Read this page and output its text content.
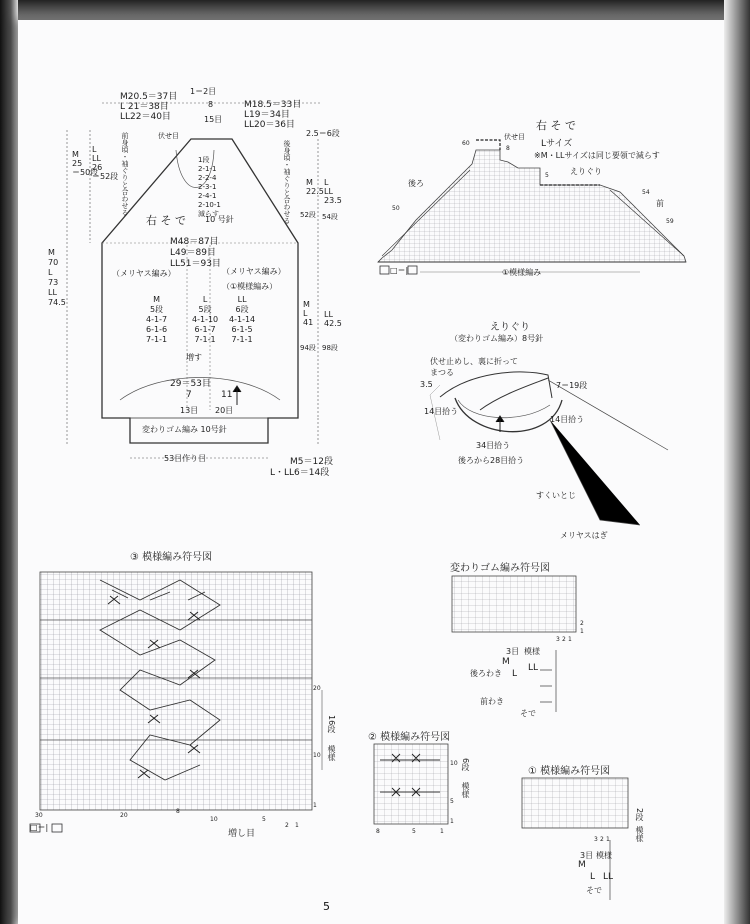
M20.5＝37目
L 21＝38目
LL22＝40目
1＝2目
8
15目
M18.5＝33目
L19＝34目
LL20＝36目
伏せ目
1段
2-1-1
2-2-4
2-3-1
2-4-1
2-10-1
減らす
2.5＝6段
右 そ で 10 号針
M48＝87目
L49＝89目
LL51＝93目
（メリヤス編み）	（メリヤス編み）
（①模様編み）
M
5段
4-1-7
6-1-6
7-1-1
L
5段
4-1-10
6-1-7
7-1-1
LL
6段
4-1-14
6-1-5
7-1-1
増す
29＝53目
7	11
13目 20目
変わりゴム編み 10号針
53目作り目	M5＝12段
L・LL6＝14段
M
22.5
L
LL
23.5
52段 54段
M
L
41
LL
42.5
94段 98段
M
25
＝50段
L
LL
26
＝52段
M
70
L
73
LL
74.5
前身頃・袖ぐりと合わせる	後身頃・袖ぐりと合わせる
右 そ で
Lサイズ
※M・LLサイズは同じ要領で減らす
伏せ目
えりぐり
後ろ
前
60
50
54
59
8
5
①模様編み
□＝|
えりぐり
（変わりゴム編み）8号針
伏せ止めし、裏に折ってまつる
3.5	7＝19段
14目拾う
14目拾う
34目拾う
後ろから28目拾う
すくいとじ
メリヤスはぎ
変わりゴム編み符号図
3 2 1
2
1
3目 模様
後ろわき
M
L
LL
前わき
そで
③ 模様編み符号図
30	20
8
10	5
2 1
増し目
20
16段
模様
10
1
□＝|
② 模様編み符号図
10 6段
模様
5
1
8	5	1
① 模様編み符号図
2段
模様
3 2 1
3目 模様
M
L LL
そで
5
